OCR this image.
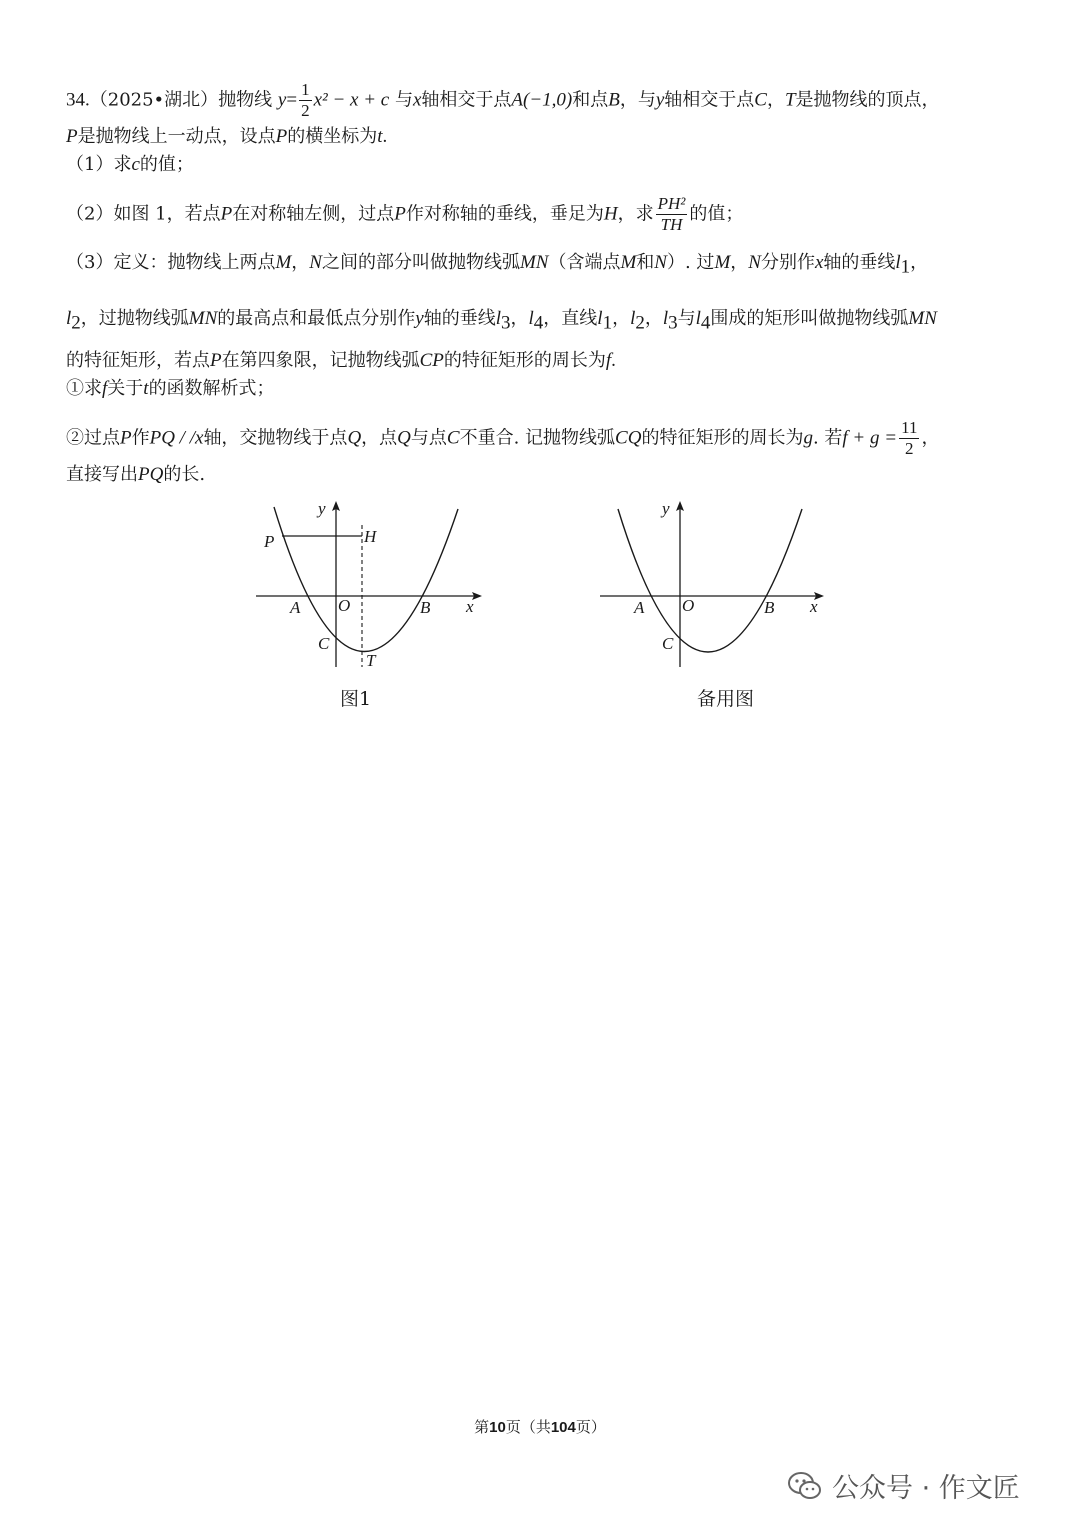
34.（2025•湖北）抛物线 $y= \frac{1}{2} x^2 - x + c$ 与x轴相交于点A(−1,0)和点B，与y轴相交于点C，T是抛物线的顶点，
P是抛物线上一动点，设点P的横坐标为t.
（1）求c的值；
（2）如图 1，若点P在对称轴左侧，过点P作对称轴的垂线，垂足为H，求 $\frac{\text{PH²}}{TH}$ 的值；
（3）定义：抛物线上两点M，N之间的部分叫做抛物线弧MN（含端点M和N）. 过M，N分别作x轴的垂线$l_1$，
$l_2$，过抛物线弧MN的最高点和最低点分别作y轴的垂线$l_3$，$l_4$，直线$l_1$，$l_2$，$l_3$与$l_4$围成的矩形叫做抛物线弧MN
的特征矩形，若点P在第四象限，记抛物线弧CP的特征矩形的周长为f.
①求f关于t的函数解析式；
②过点P作PQ / /x轴，交抛物线于点Q，点Q与点C不重合. 记抛物线弧CQ的特征矩形的周长为g. 若$f + g = \frac{11}{2}$ ，
直接写出PQ的长.
y
P	H
A O	B x
C
T
图1
y
A O	B x
C
备用图
第10页（共104页）
公众号 · 作文匠
